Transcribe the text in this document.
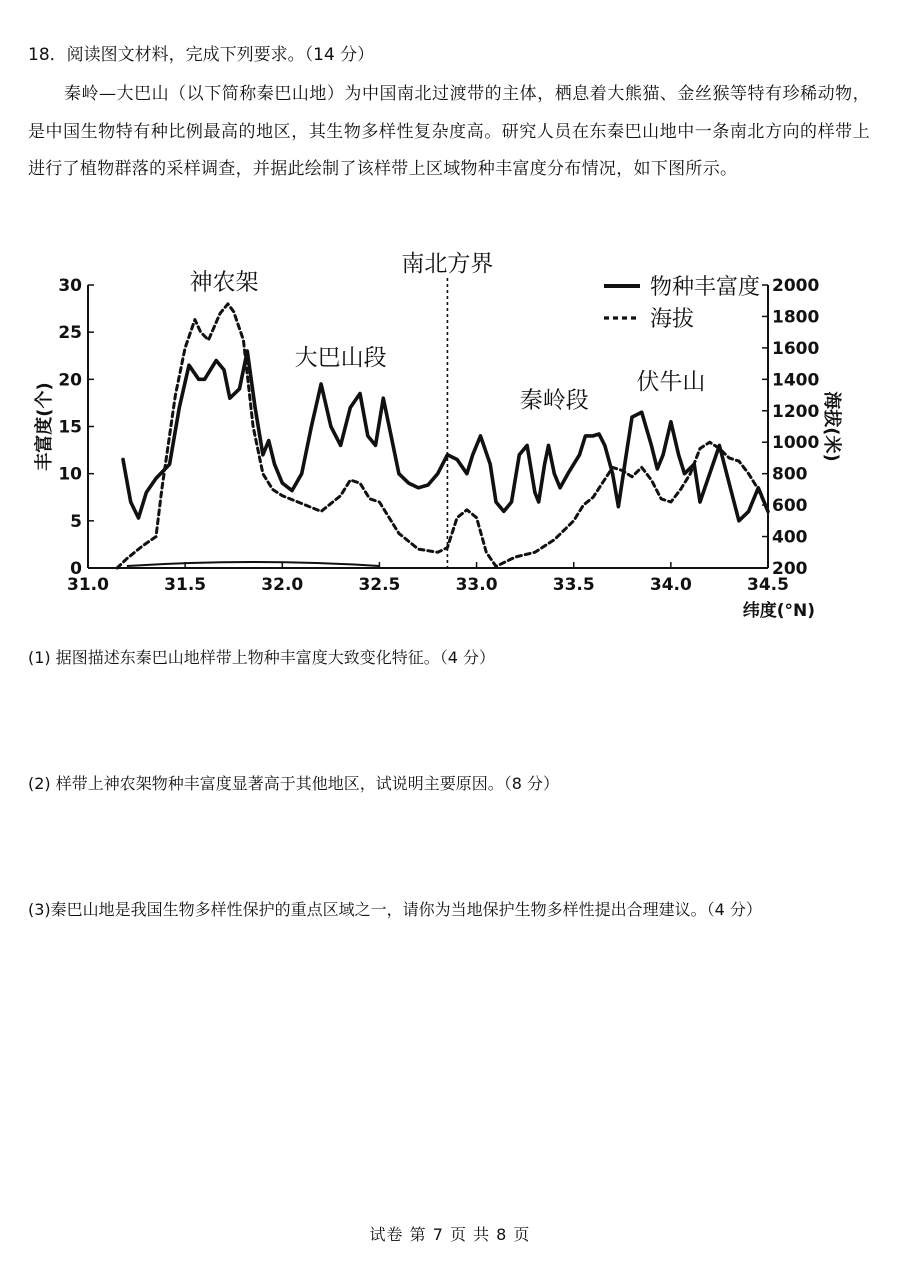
18．阅读图文材料，完成下列要求。（14 分）
秦岭—大巴山（以下简称秦巴山地）为中国南北过渡带的主体，栖息着大熊猫、金丝猴等特有珍稀动物，是中国生物特有种比例最高的地区，其生物多样性复杂度高。研究人员在东秦巴山地中一条南北方向的样带上进行了植物群落的采样调查，并据此绘制了该样带上区域物种丰富度分布情况，如下图所示。
31.0	31.5	32.0	32.5	33.0	33.5	34.0	34.5
0
5
10
15
20
25
30
200
400
600
800
1000
1200
1400
1600
1800
2000
丰富度(个)	海拔(米)
纬度(°N)
神农架
大巴山段
南北方界
秦岭段
伏牛山
物种丰富度
海拔
(1) 据图描述东秦巴山地样带上物种丰富度大致变化特征。（4 分）
(2) 样带上神农架物种丰富度显著高于其他地区，试说明主要原因。（8 分）
(3)秦巴山地是我国生物多样性保护的重点区域之一，请你为当地保护生物多样性提出合理建议。（4 分）
试卷 第 7 页 共 8 页
